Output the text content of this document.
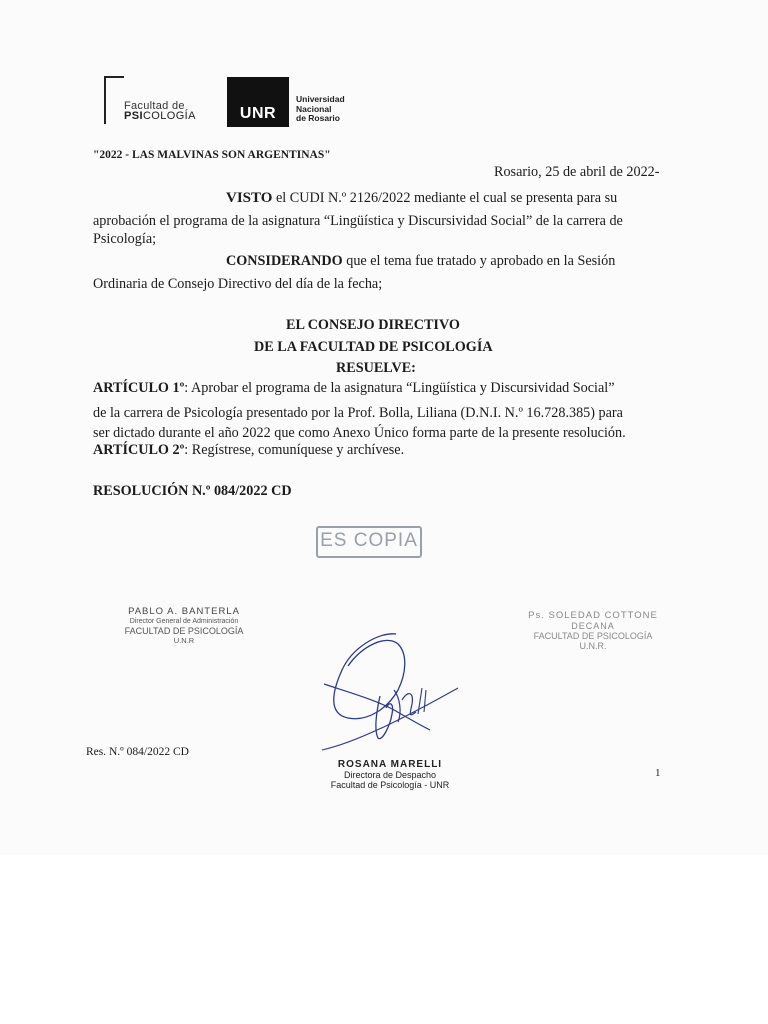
Facultad de
PSICOLOGÍA	UNR
Universidad
Nacional
de Rosario
"2022 - LAS MALVINAS SON ARGENTINAS"
Rosario, 25 de abril de 2022-
VISTO el CUDI N.º 2126/2022 mediante el cual se presenta para su
aprobación el programa de la asignatura “Lingüística y Discursividad Social” de la carrera de
Psicología;
CONSIDERANDO que el tema fue tratado y aprobado en la Sesión
Ordinaria de Consejo Directivo del día de la fecha;
EL CONSEJO DIRECTIVO
DE LA FACULTAD DE PSICOLOGÍA
RESUELVE:
ARTÍCULO 1º: Aprobar el programa de la asignatura “Lingüística y Discursividad Social”
de la carrera de Psicología presentado por la Prof. Bolla, Liliana (D.N.I. N.º 16.728.385) para
ser dictado durante el año 2022 que como Anexo Único forma parte de la presente resolución.
ARTÍCULO 2º: Regístrese, comuníquese y archívese.
RESOLUCIÓN N.º 084/2022 CD
ES COPIA
PABLO A. BANTERLA
Director General de Administración
FACULTAD DE PSICOLOGÍA
U.N.R
Ps. SOLEDAD COTTONE
DECANA
FACULTAD DE PSICOLOGÍA
U.N.R.
ROSANA MARELLI
Directora de Despacho
Facultad de Psicología - UNR
Res. N.º 084/2022 CD
1
